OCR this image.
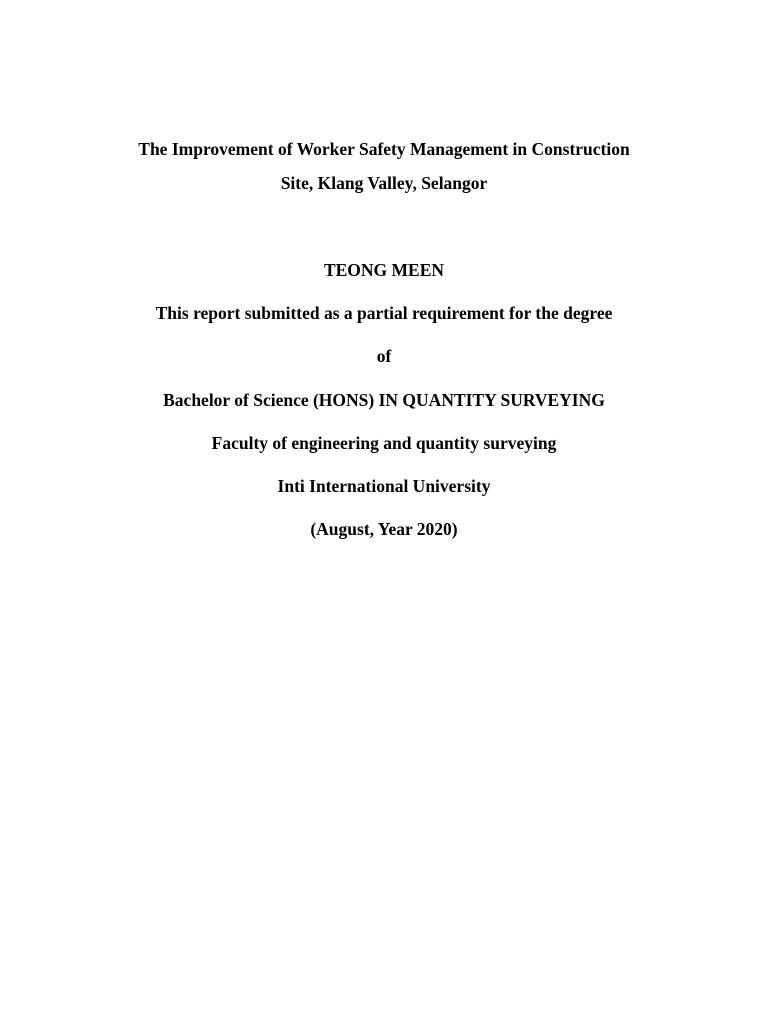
The Improvement of Worker Safety Management in Construction
Site, Klang Valley, Selangor
TEONG MEEN
This report submitted as a partial requirement for the degree
of
Bachelor of Science (HONS) IN QUANTITY SURVEYING
Faculty of engineering and quantity surveying
Inti International University
(August, Year 2020)
